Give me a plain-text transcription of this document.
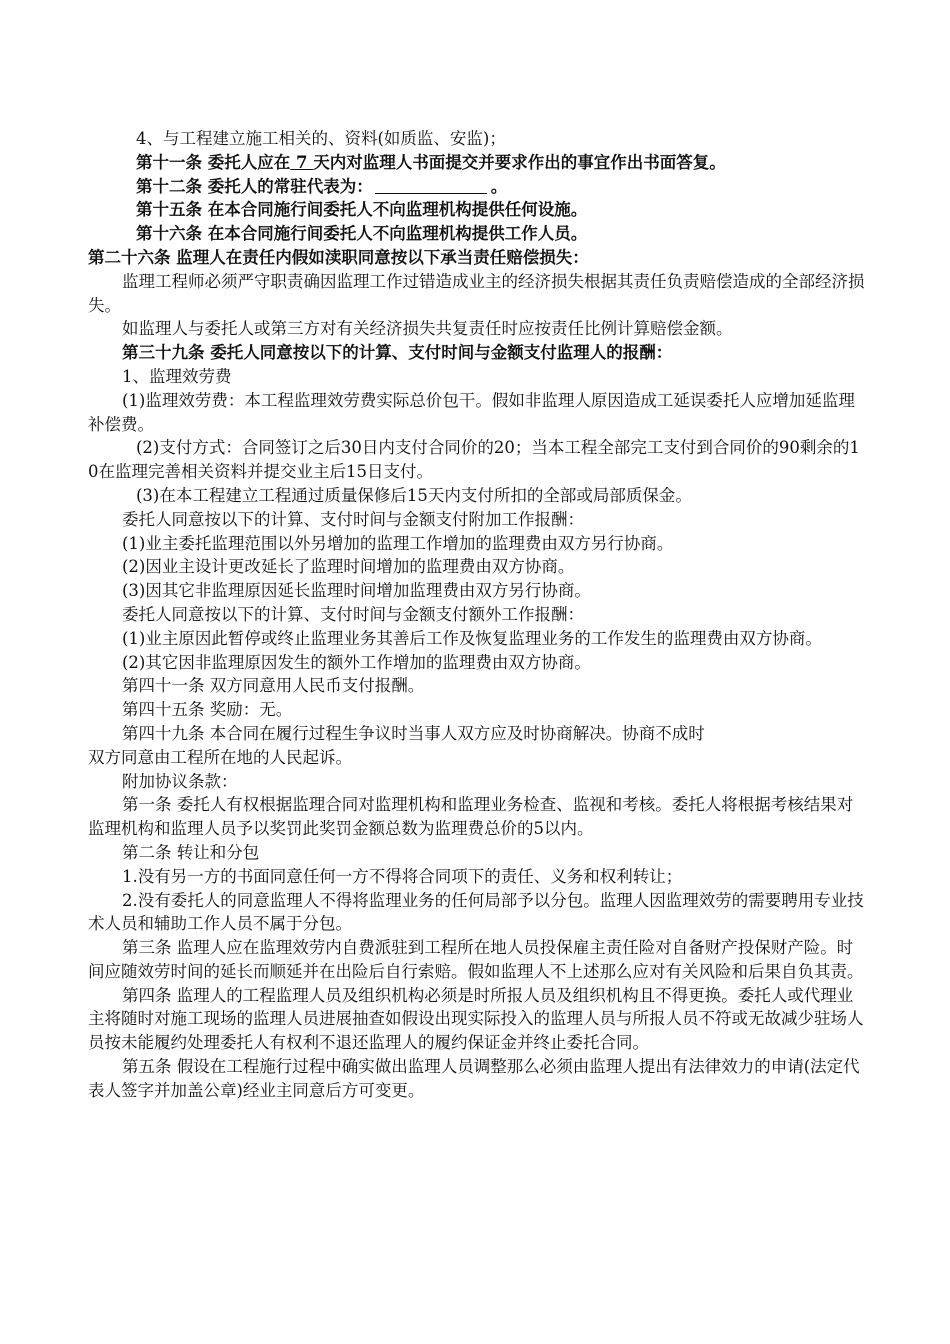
4、与工程建立施工相关的、资料(如质监、安监)；

第十一条 委托人应在 7 天内对监理人书面提交并要求作出的事宜作出书面答复。

第十二条 委托人的常驻代表为：	。

第十五条 在本合同施行间委托人不向监理机构提供任何设施。

第十六条 在本合同施行间委托人不向监理机构提供工作人员。

第二十六条 监理人在责任内假如渎职同意按以下承当责任赔偿损失：

监理工程师必须严守职责确因监理工作过错造成业主的经济损失根据其责任负责赔偿造成的全部经济损失。

如监理人与委托人或第三方对有关经济损失共复责任时应按责任比例计算赔偿金额。

第三十九条 委托人同意按以下的计算、支付时间与金额支付监理人的报酬：

1、监理效劳费

(1)监理效劳费：本工程监理效劳费实际总价包干。假如非监理人原因造成工延误委托人应增加延监理补偿费。

(2)支付方式：合同签订之后30日内支付合同价的20；当本工程全部完工支付到合同价的90剩余的10在监理完善相关资料并提交业主后15日支付。

(3)在本工程建立工程通过质量保修后15天内支付所扣的全部或局部质保金。

委托人同意按以下的计算、支付时间与金额支付附加工作报酬：

(1)业主委托监理范围以外另增加的监理工作增加的监理费由双方另行协商。

(2)因业主设计更改延长了监理时间增加的监理费由双方协商。

(3)因其它非监理原因延长监理时间增加监理费由双方另行协商。

委托人同意按以下的计算、支付时间与金额支付额外工作报酬：

(1)业主原因此暂停或终止监理业务其善后工作及恢复监理业务的工作发生的监理费由双方协商。

(2)其它因非监理原因发生的额外工作增加的监理费由双方协商。

第四十一条 双方同意用人民币支付报酬。

第四十五条 奖励：无。

第四十九条 本合同在履行过程生争议时当事人双方应及时协商解决。协商不成时

双方同意由工程所在地的人民起诉。

附加协议条款：

第一条 委托人有权根据监理合同对监理机构和监理业务检查、监视和考核。委托人将根据考核结果对监理机构和监理人员予以奖罚此奖罚金额总数为监理费总价的5以内。

第二条 转让和分包

1.没有另一方的书面同意任何一方不得将合同项下的责任、义务和权利转让；

2.没有委托人的同意监理人不得将监理业务的任何局部予以分包。监理人因监理效劳的需要聘用专业技术人员和辅助工作人员不属于分包。

第三条 监理人应在监理效劳内自费派驻到工程所在地人员投保雇主责任险对自备财产投保财产险。时间应随效劳时间的延长而顺延并在出险后自行索赔。假如监理人不上述那么应对有关风险和后果自负其责。

第四条 监理人的工程监理人员及组织机构必须是时所报人员及组织机构且不得更换。委托人或代理业主将随时对施工现场的监理人员进展抽查如假设出现实际投入的监理人员与所报人员不符或无故减少驻场人员按未能履约处理委托人有权利不退还监理人的履约保证金并终止委托合同。

第五条 假设在工程施行过程中确实做出监理人员调整那么必须由监理人提出有法律效力的申请(法定代表人签字并加盖公章)经业主同意后方可变更。
